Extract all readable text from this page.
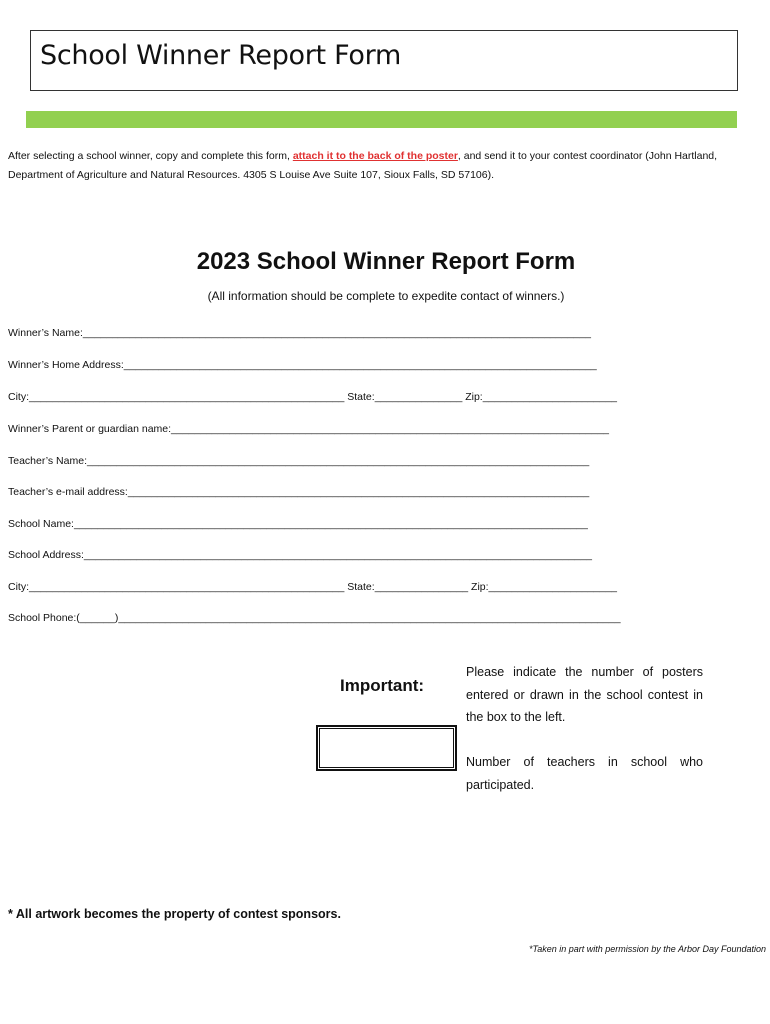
School Winner Report Form
After selecting a school winner, copy and complete this form, attach it to the back of the poster, and send it to your contest coordinator (John Hartland, Department of Agriculture and Natural Resources. 4305 S Louise Ave Suite 107, Sioux Falls, SD 57106).
2023 School Winner Report Form
(All information should be complete to expedite contact of winners.)
Winner’s Name:_______________________________________________________________________________________
Winner’s Home Address:_________________________________________________________________________________
City:______________________________________________________ State:_______________ Zip:_______________________
Winner’s Parent or guardian name:___________________________________________________________________________
Teacher’s Name:______________________________________________________________________________________
Teacher’s e-mail address:_______________________________________________________________________________
School Name:________________________________________________________________________________________
School Address:_______________________________________________________________________________________
City:______________________________________________________ State:________________ Zip:______________________
School Phone:(______)______________________________________________________________________________________
Important:
Please indicate the number of posters entered or drawn in the school contest in the box to the left.
Number of teachers in school who participated.
* All artwork becomes the property of contest sponsors.
*Taken in part with permission by the Arbor Day Foundation
